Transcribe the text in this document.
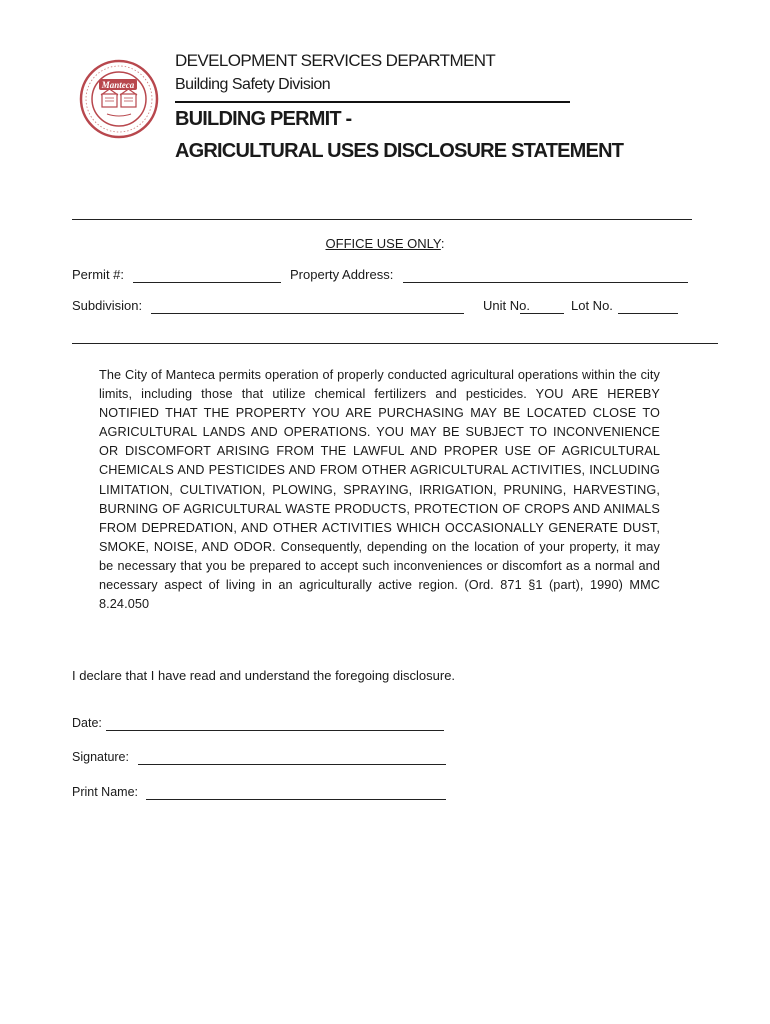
Manteca
DEVELOPMENT SERVICES DEPARTMENT
Building Safety Division
BUILDING PERMIT -
AGRICULTURAL USES DISCLOSURE STATEMENT
OFFICE USE ONLY:
Permit #:	Property Address:
Subdivision:	Unit No.	Lot No.
The City of Manteca permits operation of properly conducted agricultural operations within the city limits, including those that utilize chemical fertilizers and pesticides. YOU ARE HEREBY NOTIFIED THAT THE PROPERTY YOU ARE PURCHASING MAY BE LOCATED CLOSE TO AGRICULTURAL LANDS AND OPERATIONS. YOU MAY BE SUBJECT TO INCONVENIENCE OR DISCOMFORT ARISING FROM THE LAWFUL AND PROPER USE OF AGRICULTURAL CHEMICALS AND PESTICIDES AND FROM OTHER AGRICULTURAL ACTIVITIES, INCLUDING LIMITATION, CULTIVATION, PLOWING, SPRAYING, IRRIGATION, PRUNING, HARVESTING, BURNING OF AGRICULTURAL WASTE PRODUCTS, PROTECTION OF CROPS AND ANIMALS FROM DEPREDATION, AND OTHER ACTIVITIES WHICH OCCASIONALLY GENERATE DUST, SMOKE, NOISE, AND ODOR. Consequently, depending on the location of your property, it may be necessary that you be prepared to accept such inconveniences or discomfort as a normal and necessary aspect of living in an agriculturally active region. (Ord. 871 §1 (part), 1990) MMC 8.24.050
I declare that I have read and understand the foregoing disclosure.
Date:
Signature:
Print Name:
